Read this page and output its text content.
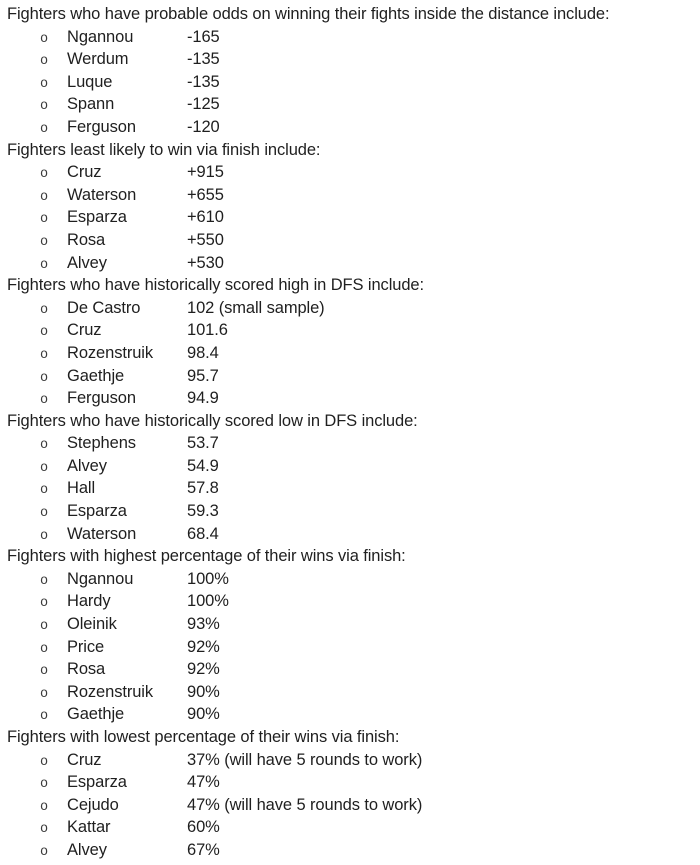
Fighters who have probable odds on winning their fights inside the distance include:
o	Ngannou	-165
o	Werdum	-135
o	Luque	-135
o	Spann	-125
o	Ferguson	-120
Fighters least likely to win via finish include:
o	Cruz	+915
o	Waterson	+655
o	Esparza	+610
o	Rosa	+550
o	Alvey	+530
Fighters who have historically scored high in DFS include:
o	De Castro	102 (small sample)
o	Cruz	101.6
o	Rozenstruik	98.4
o	Gaethje	95.7
o	Ferguson	94.9
Fighters who have historically scored low in DFS include:
o	Stephens	53.7
o	Alvey	54.9
o	Hall	57.8
o	Esparza	59.3
o	Waterson	68.4
Fighters with highest percentage of their wins via finish:
o	Ngannou	100%
o	Hardy	100%
o	Oleinik	93%
o	Price	92%
o	Rosa	92%
o	Rozenstruik	90%
o	Gaethje	90%
Fighters with lowest percentage of their wins via finish:
o	Cruz	37% (will have 5 rounds to work)
o	Esparza	47%
o	Cejudo	47% (will have 5 rounds to work)
o	Kattar	60%
o	Alvey	67%
